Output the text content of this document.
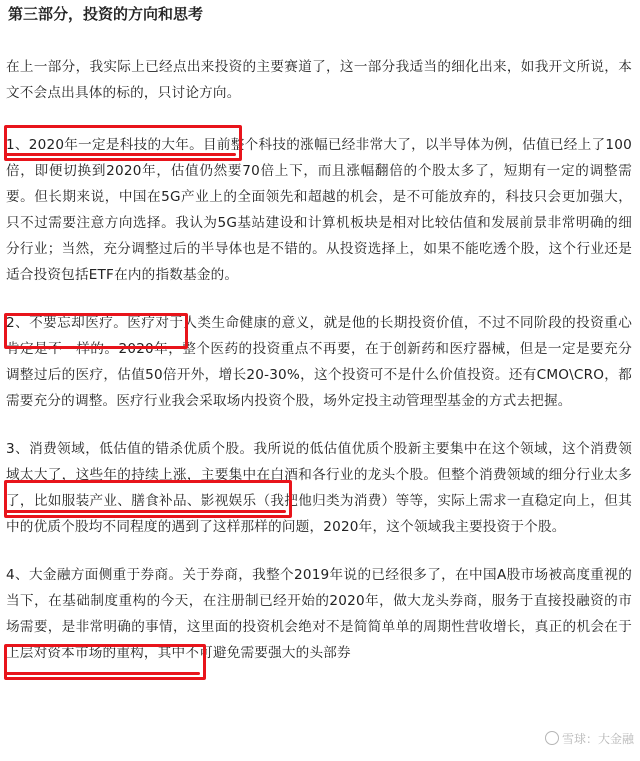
第三部分，投资的方向和思考
在上一部分，我实际上已经点出来投资的主要赛道了，这一部分我适当的细化出来，如我开文所说，本文不会点出具体的标的，只讨论方向。
1、2020年一定是科技的大年。目前整个科技的涨幅已经非常大了，以半导体为例，估值已经上了100倍，即便切换到2020年，估值仍然要70倍上下，而且涨幅翻倍的个股太多了，短期有一定的调整需要。但长期来说，中国在5G产业上的全面领先和超越的机会，是不可能放弃的，科技只会更加强大，只不过需要注意方向选择。我认为5G基站建设和计算机板块是相对比较估值和发展前景非常明确的细分行业；当然，充分调整过后的半导体也是不错的。从投资选择上，如果不能吃透个股，这个行业还是适合投资包括ETF在内的指数基金的。
2、不要忘却医疗。医疗对于人类生命健康的意义，就是他的长期投资价值，不过不同阶段的投资重心肯定是不一样的。2020年，整个医药的投资重点不再要，在于创新药和医疗器械，但是一定是要充分调整过后的医疗，估值50倍开外，增长20-30%，这个投资可不是什么价值投资。还有CMO\CRO，都需要充分的调整。医疗行业我会采取场内投资个股，场外定投主动管理型基金的方式去把握。
3、消费领域，低估值的错杀优质个股。我所说的低估值优质个股新主要集中在这个领域，这个消费领域太大了，这些年的持续上涨，主要集中在白酒和各行业的龙头个股。但整个消费领域的细分行业太多了，比如服装产业、膳食补品、影视娱乐（我把他归类为消费）等等，实际上需求一直稳定向上，但其中的优质个股均不同程度的遇到了这样那样的问题，2020年，这个领域我主要投资于个股。
4、大金融方面侧重于券商。关于券商，我整个2019年说的已经很多了，在中国A股市场被高度重视的当下，在基础制度重构的今天，在注册制已经开始的2020年，做大龙头券商，服务于直接投融资的市场需要，是非常明确的事情，这里面的投资机会绝对不是简简单单的周期性营收增长，真正的机会在于上层对资本市场的重构，其中不可避免需要强大的头部券
雪球：大金融
